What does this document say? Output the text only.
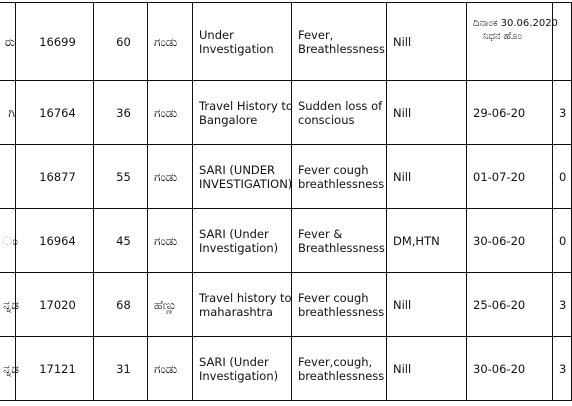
ರು	16699	60	ಗಂಡು	Under
Investigation	Fever,
Breathlessness	Nill	ದಿನಾಂಕ 30.06.2020
ನಿಧನ ಹೊಂ	

ಗಿ	16764	36	ಗಂಡು	Travel History to
Bangalore	Sudden loss of
conscious	Nill	29-06-20	3
	16877	55	ಗಂಡು	SARI (UNDER
INVESTIGATION)	Fever cough
breathlessness	Nill	01-07-20	0
ಂ	16964	45	ಗಂಡು	SARI (Under
Investigation)	Fever &
Breathlessness	DM,HTN	30-06-20	0
ನ್ನಡ	17020	68	ಹೆಣ್ಣು	Travel history to
maharashtra	Fever cough
breathlessness	Nill	25-06-20	3
ನ್ನಡ	17121	31	ಗಂಡು	SARI (Under
Investigation)	Fever,cough,
breathlessness	Nill	30-06-20	3
